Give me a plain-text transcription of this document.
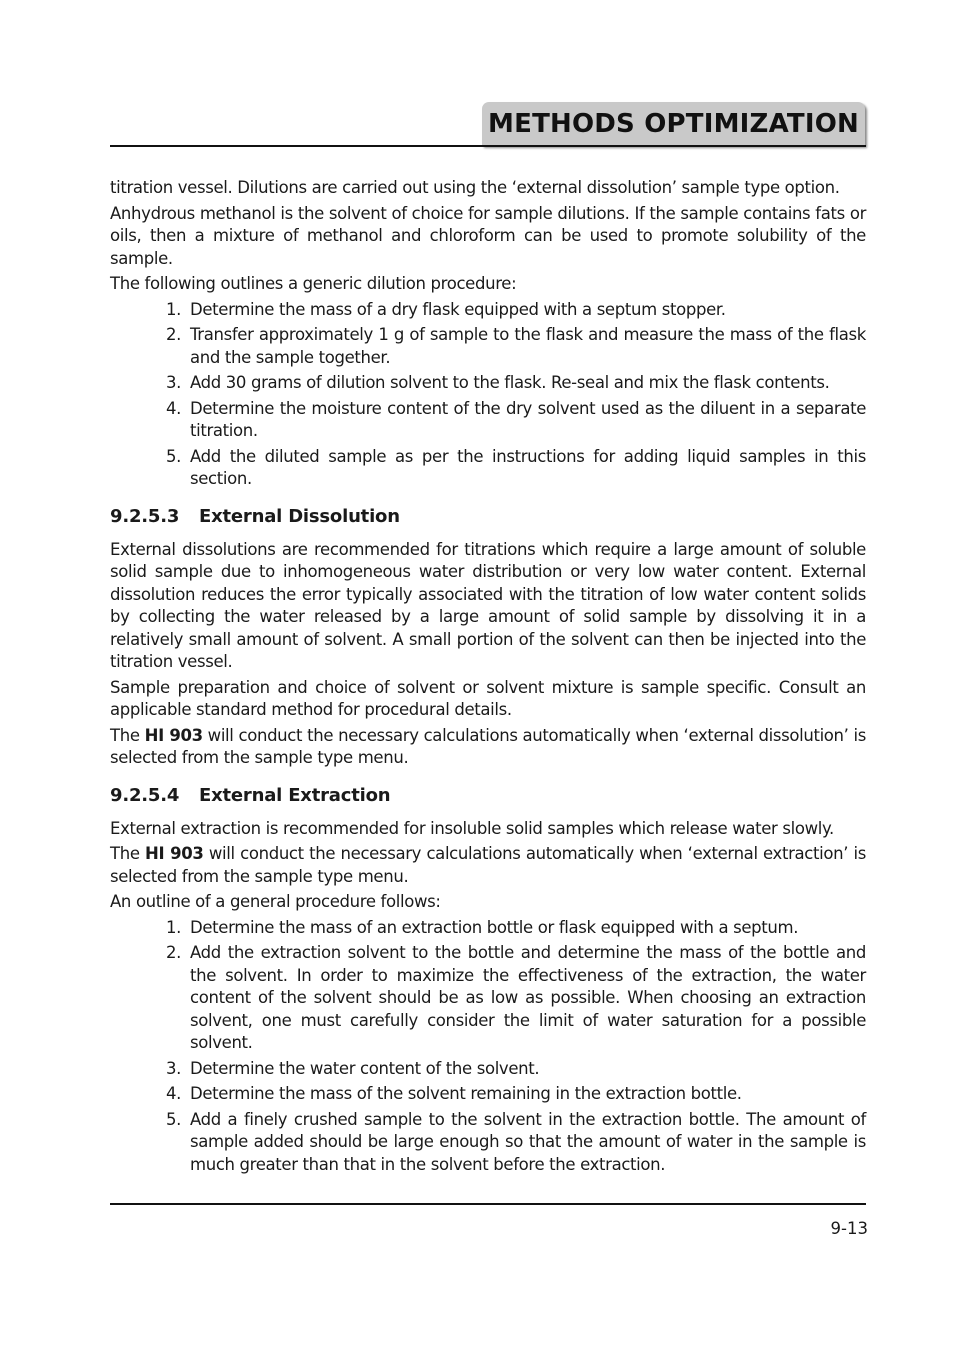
METHODS OPTIMIZATION

titration vessel. Dilutions are carried out using the ‘external dissolution’ sample type option.

Anhydrous methanol is the solvent of choice for sample dilutions. If the sample contains fats or oils, then a mixture of methanol and chloroform can be used to promote solubility of the sample.

The following outlines a generic dilution procedure:

1. Determine the mass of a dry flask equipped with a septum stopper.
2. Transfer approximately 1 g of sample to the flask and measure the mass of the flask and the sample together.
3. Add 30 grams of dilution solvent to the flask. Re-seal and mix the flask contents.
4. Determine the moisture content of the dry solvent used as the diluent in a separate titration.
5. Add the diluted sample as per the instructions for adding liquid samples in this section.
9.2.5.3 External Dissolution

External dissolutions are recommended for titrations which require a large amount of soluble solid sample due to inhomogeneous water distribution or very low water content. External dissolution reduces the error typically associated with the titration of low water content solids by collecting the water released by a large amount of solid sample by dissolving it in a relatively small amount of solvent. A small portion of the solvent can then be injected into the titration vessel.

Sample preparation and choice of solvent or solvent mixture is sample specific. Consult an applicable standard method for procedural details.

The HI 903 will conduct the necessary calculations automatically when ‘external dissolution’ is selected from the sample type menu.

9.2.5.4 External Extraction

External extraction is recommended for insoluble solid samples which release water slowly.

The HI 903 will conduct the necessary calculations automatically when ‘external extraction’ is selected from the sample type menu.

An outline of a general procedure follows:

1. Determine the mass of an extraction bottle or flask equipped with a septum.
2. Add the extraction solvent to the bottle and determine the mass of the bottle and the solvent. In order to maximize the effectiveness of the extraction, the water content of the solvent should be as low as possible. When choosing an extraction solvent, one must carefully consider the limit of water saturation for a possible solvent.
3. Determine the water content of the solvent.
4. Determine the mass of the solvent remaining in the extraction bottle.
5. Add a finely crushed sample to the solvent in the extraction bottle. The amount of sample added should be large enough so that the amount of water in the sample is much greater than that in the solvent before the extraction.
9-13
